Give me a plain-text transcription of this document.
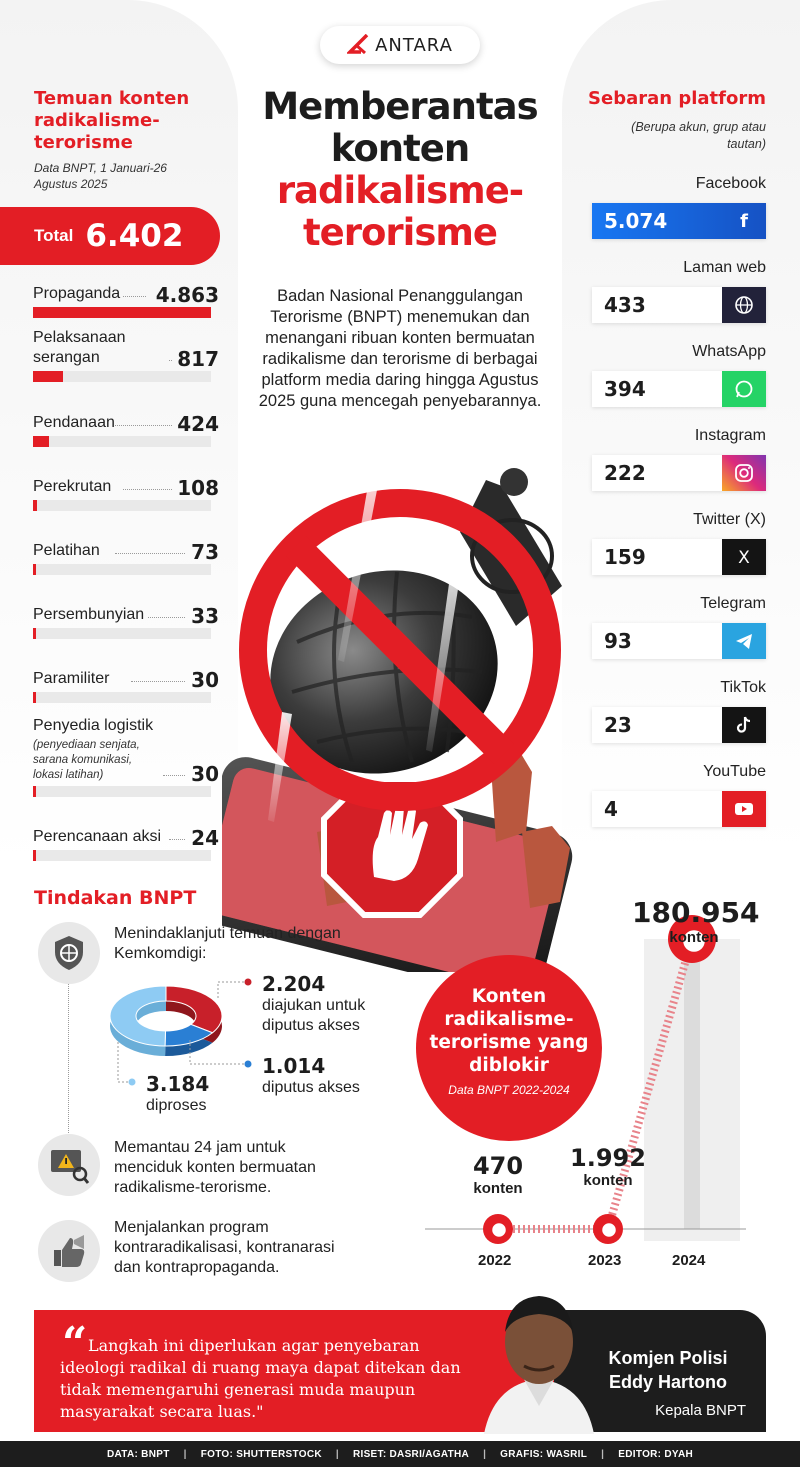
ANTARA
Memberantas
konten
radikalisme-
terorisme
Badan Nasional Penanggulangan Terorisme (BNPT) menemukan dan menangani ribuan konten bermuatan radikalisme dan terorisme di berbagai platform media daring hingga Agustus 2025 guna mencegah penyebarannya.
Temuan konten radikalisme-terorisme
Data BNPT, 1 Januari-26 Agustus 2025
Total 6.402
Propaganda	4.863
Pelaksanaan serangan	817
Pendanaan	424
Perekrutan	108
Pelatihan	73
Persembunyian	33
Paramiliter	30
Penyedia logistik
(penyediaan senjata, sarana komunikasi, lokasi latihan)	30
Perencanaan aksi 24
Sebaran platform
(Berupa akun, grup atau tautan)
Facebook
5.074	f
Laman web
433
WhatsApp
394
Instagram
222
Twitter (X)
159	X
Telegram
93
TikTok
23
YouTube
4
Tindakan BNPT
Menindaklanjuti temuan dengan Kemkomdigi:
2.204
diajukan untuk diputus akses
1.014
diputus akses
3.184
diproses
Memantau 24 jam untuk menciduk konten bermuatan radikalisme-terorisme.
Menjalankan program kontraradikalisasi, kontranarasi dan kontrapropaganda.
Konten radikalisme-terorisme yang diblokir
Data BNPT 2022-2024
470
konten
1.992
konten
180.954
konten
2022	2023	2024
“ Langkah ini diperlukan agar penyebaran ideologi radikal di ruang maya dapat ditekan dan tidak memengaruhi generasi muda maupun masyarakat secara luas."
Komjen Polisi Eddy Hartono
Kepala BNPT
DATA: BNPT | FOTO: SHUTTERSTOCK | RISET: DASRI/AGATHA | GRAFIS: WASRIL | EDITOR: DYAH
